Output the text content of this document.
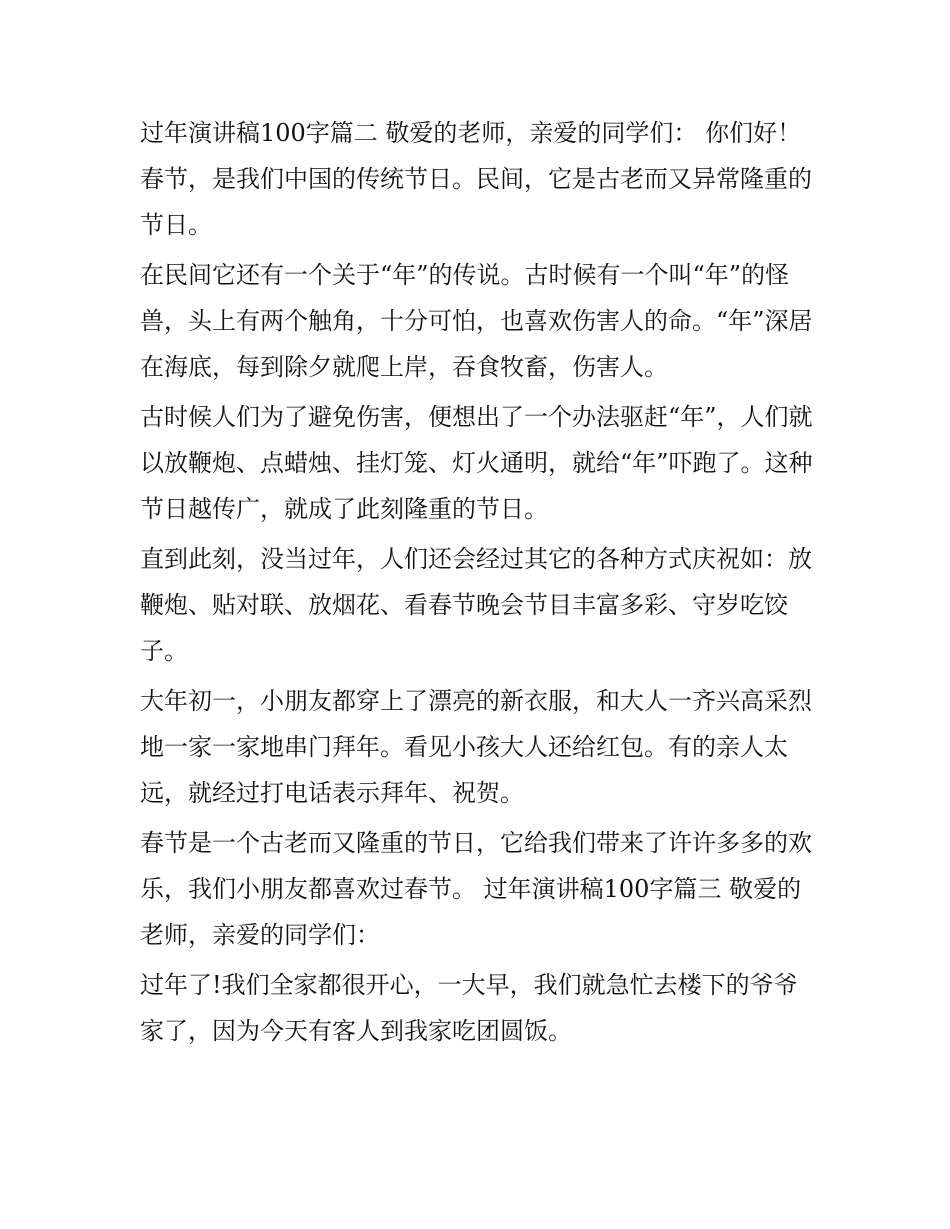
过年演讲稿100字篇二 敬爱的老师，亲爱的同学们： 你们好！ 春节，是我们中国的传统节日。民间，它是古老而又异常隆重的节日。

在民间它还有一个关于“年”的传说。古时候有一个叫“年”的怪兽，头上有两个触角，十分可怕，也喜欢伤害人的命。“年”深居在海底，每到除夕就爬上岸，吞食牧畜，伤害人。

古时候人们为了避免伤害，便想出了一个办法驱赶“年”，人们就以放鞭炮、点蜡烛、挂灯笼、灯火通明，就给“年”吓跑了。这种节日越传广，就成了此刻隆重的节日。

直到此刻，没当过年，人们还会经过其它的各种方式庆祝如：放鞭炮、贴对联、放烟花、看春节晚会节目丰富多彩、守岁吃饺子。

大年初一，小朋友都穿上了漂亮的新衣服，和大人一齐兴高采烈地一家一家地串门拜年。看见小孩大人还给红包。有的亲人太远，就经过打电话表示拜年、祝贺。

春节是一个古老而又隆重的节日，它给我们带来了许许多多的欢乐，我们小朋友都喜欢过春节。 过年演讲稿100字篇三 敬爱的老师，亲爱的同学们：

过年了!我们全家都很开心，一大早，我们就急忙去楼下的爷爷家了，因为今天有客人到我家吃团圆饭。
